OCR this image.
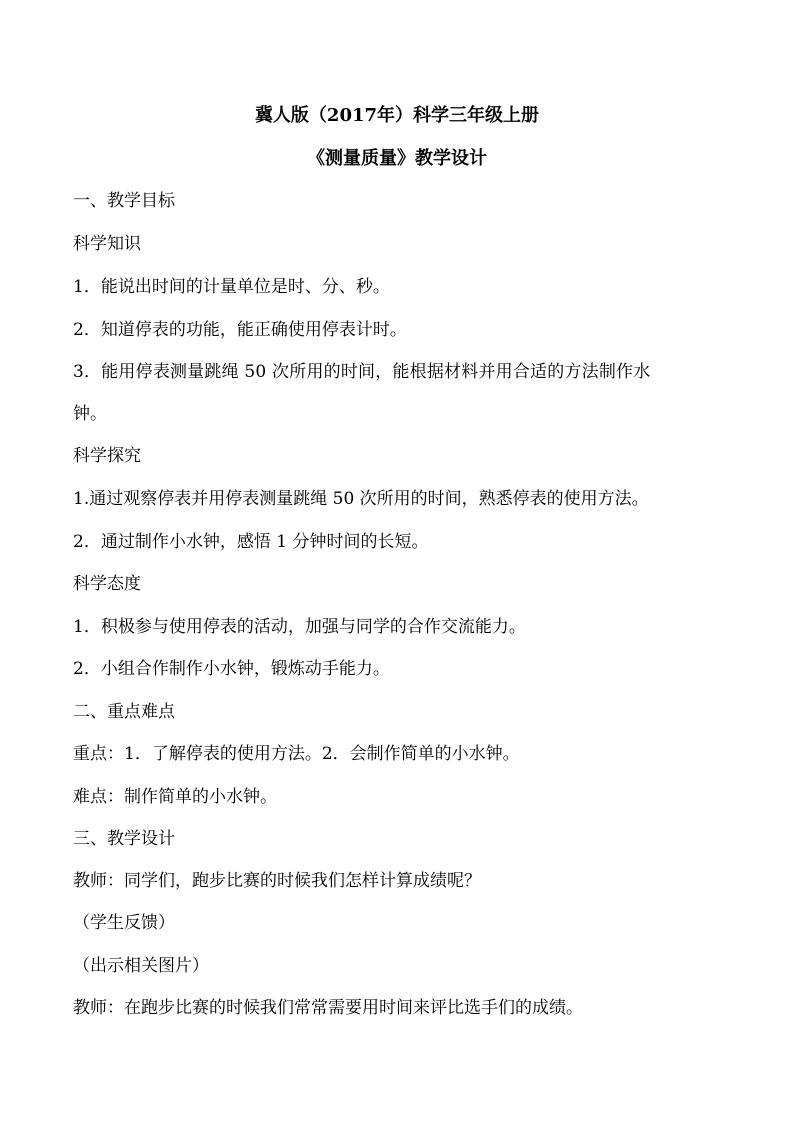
冀人版（2017年）科学三年级上册
《测量质量》教学设计
一、教学目标
科学知识
1．能说出时间的计量单位是时、分、秒。
2．知道停表的功能，能正确使用停表计时。
3．能用停表测量跳绳 50 次所用的时间，能根据材料并用合适的方法制作水
钟。
科学探究
1.通过观察停表并用停表测量跳绳 50 次所用的时间，熟悉停表的使用方法。
2．通过制作小水钟，感悟 1 分钟时间的长短。
科学态度
1．积极参与使用停表的活动，加强与同学的合作交流能力。
2．小组合作制作小水钟，锻炼动手能力。
二、重点难点
重点：1．了解停表的使用方法。2．会制作简单的小水钟。
难点：制作简单的小水钟。
三、教学设计
教师：同学们，跑步比赛的时候我们怎样计算成绩呢？
（学生反馈）
（出示相关图片）
教师：在跑步比赛的时候我们常常需要用时间来评比选手们的成绩。
